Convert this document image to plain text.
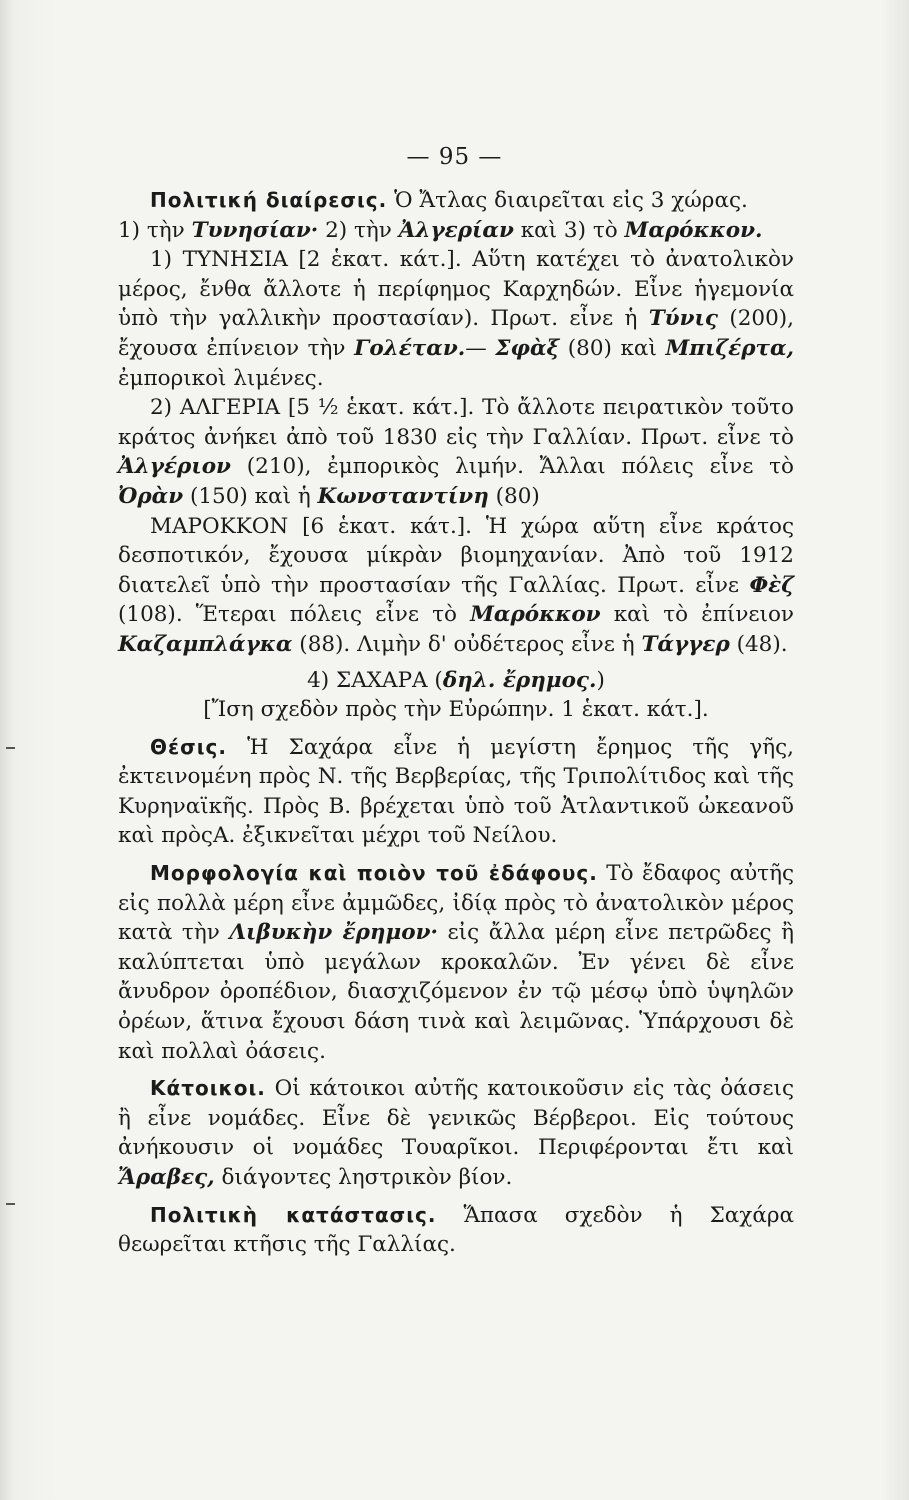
— 95 —

Πολιτική διαίρεσις. Ὁ Ἄτλας διαιρεῖται εἰς 3 χώρας.
1) τὴν Τυνησίαν· 2) τὴν Ἀλγερίαν καὶ 3) τὸ Μαρόκκον.

1) ΤΥΝΗΣΙΑ [2 ἑκατ. κάτ.]. Αὕτη κατέχει τὸ ἀνατολικὸν μέρος, ἔνθα ἄλλοτε ἡ περίφημος Καρχηδών. Εἶνε ἡγεμονία ὑπὸ τὴν γαλλικὴν προστασίαν). Πρωτ. εἶνε ἡ Τύνις (200), ἔχουσα ἐπίνειον τὴν Γολέταν.— Σφὰξ (80) καὶ Μπιζέρτα, ἐμπορικοὶ λιμένες.

2) ΑΛΓΕΡΙΑ [5 ½ ἑκατ. κάτ.]. Τὸ ἄλλοτε πειρατικὸν τοῦτο κράτος ἀνήκει ἀπὸ τοῦ 1830 εἰς τὴν Γαλλίαν. Πρωτ. εἶνε τὸ Ἀλγέριον (210), ἐμπορικὸς λιμήν. Ἄλλαι πόλεις εἶνε τὸ Ὀρὰν (150) καὶ ἡ Κωνσταντίνη (80)

ΜΑΡΟΚΚΟΝ [6 ἑκατ. κάτ.]. Ἡ χώρα αὕτη εἶνε κράτος δεσποτικόν, ἔχουσα μίκρὰν βιομηχανίαν. Ἀπὸ τοῦ 1912 διατελεῖ ὑπὸ τὴν προστασίαν τῆς Γαλλίας. Πρωτ. εἶνε Φὲζ (108). Ἕτεραι πόλεις εἶνε τὸ Μαρόκκον καὶ τὸ ἐπίνειον Καζαμπλάγκα (88). Λιμὴν δ' οὐδέτερος εἶνε ἡ Τάγγερ (48).

4) ΣΑΧΑΡΑ (δηλ. ἔρημος.)

[Ἴση σχεδὸν πρὸς τὴν Εὐρώπην. 1 ἑκατ. κάτ.].

Θέσις. Ἡ Σαχάρα εἶνε ἡ μεγίστη ἔρημος τῆς γῆς, ἐκτεινομένη πρὸς Ν. τῆς Βερβερίας, τῆς Τριπολίτιδος καὶ τῆς Κυρηναϊκῆς. Πρὸς Β. βρέχεται ὑπὸ τοῦ Ἀτλαντικοῦ ὠκεανοῦ καὶ πρὸςΑ. ἐξικνεῖται μέχρι τοῦ Νείλου.

Μορφολογία καὶ ποιὸν τοῦ ἐδάφους. Τὸ ἔδαφος αὐτῆς εἰς πολλὰ μέρη εἶνε ἀμμῶδες, ἰδίᾳ πρὸς τὸ ἀνατολικὸν μέρος κατὰ τὴν Λιβυκὴν ἔρημον· εἰς ἄλλα μέρη εἶνε πετρῶδες ἢ καλύπτεται ὑπὸ μεγάλων κροκαλῶν. Ἐν γένει δὲ εἶνε ἄνυδρον ὀροπέδιον, διασχιζόμενον ἐν τῷ μέσῳ ὑπὸ ὑψηλῶν ὀρέων, ἅτινα ἔχουσι δάση τινὰ καὶ λειμῶνας. Ὑπάρχουσι δὲ καὶ πολλαὶ ὀάσεις.

Κάτοικοι. Οἱ κάτοικοι αὐτῆς κατοικοῦσιν εἰς τὰς ὀάσεις ἢ εἶνε νομάδες. Εἶνε δὲ γενικῶς Βέρβεροι. Εἰς τούτους ἀνήκουσιν οἱ νομάδες Τουαρῖκοι. Περιφέρονται ἔτι καὶ Ἄραβες, διάγοντες ληστρικὸν βίον.

Πολιτικὴ κατάστασις. Ἅπασα σχεδὸν ἡ Σαχάρα θεωρεῖται κτῆσις τῆς Γαλλίας.
